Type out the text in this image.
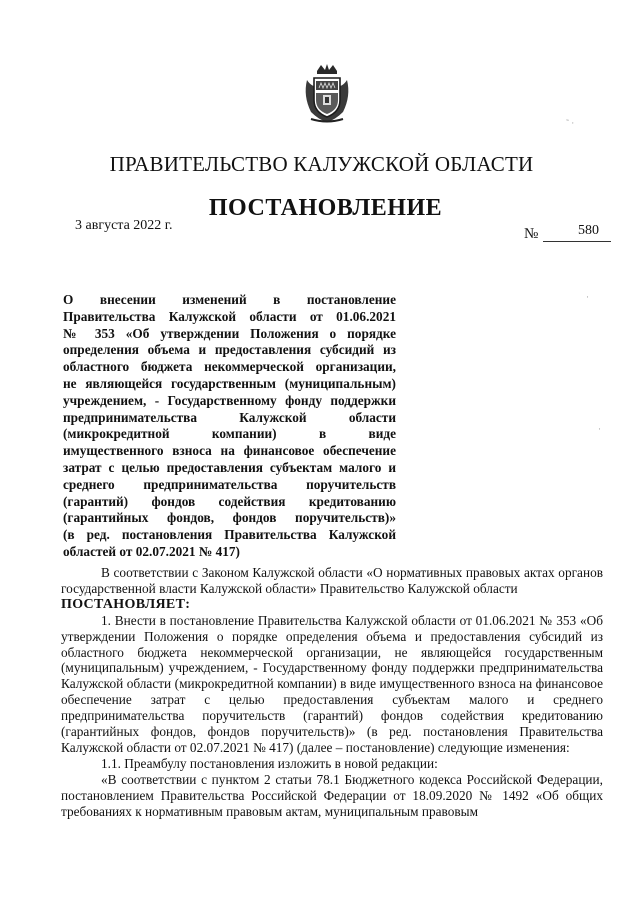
ПРАВИТЕЛЬСТВО КАЛУЖСКОЙ ОБЛАСТИ
ПОСТАНОВЛЕНИЕ
3 августа 2022 г.
№	580
О внесении изменений в постановление
Правительства Калужской области от 01.06.2021
№ 353 «Об утверждении Положения о порядке
определения объема и предоставления субсидий из
областного бюджета некоммерческой организации,
не являющейся государственным (муниципальным)
учреждением, - Государственному фонду поддержки
предпринимательства Калужской области
(микрокредитной компании) в виде
имущественного взноса на финансовое обеспечение
затрат с целью предоставления субъектам малого и
среднего предпринимательства поручительств
(гарантий) фондов содействия кредитованию
(гарантийных фондов, фондов поручительств)»
(в ред. постановления Правительства Калужской
областей от 02.07.2021 № 417)

В соответствии с Законом Калужской области «О нормативных правовых актах органов государственной власти Калужской области» Правительство Калужской области

ПОСТАНОВЛЯЕТ:

1. Внести в постановление Правительства Калужской области от 01.06.2021 № 353 «Об утверждении Положения о порядке определения объема и предоставления субсидий из областного бюджета некоммерческой организации, не являющейся государственным (муниципальным) учреждением, - Государственному фонду поддержки предпринимательства Калужской области (микрокредитной компании) в виде имущественного взноса на финансовое обеспечение затрат с целью предоставления субъектам малого и среднего предпринимательства поручительств (гарантий) фондов содействия кредитованию (гарантийных фондов, фондов поручительств)» (в ред. постановления Правительства Калужской области от 02.07.2021 № 417) (далее – постановление) следующие изменения:

1.1. Преамбулу постановления изложить в новой редакции:

«В соответствии с пунктом 2 статьи 78.1 Бюджетного кодекса Российской Федерации, постановлением Правительства Российской Федерации от 18.09.2020 № 1492 «Об общих требованиях к нормативным правовым актам, муниципальным правовым

˜ ·
·
·
